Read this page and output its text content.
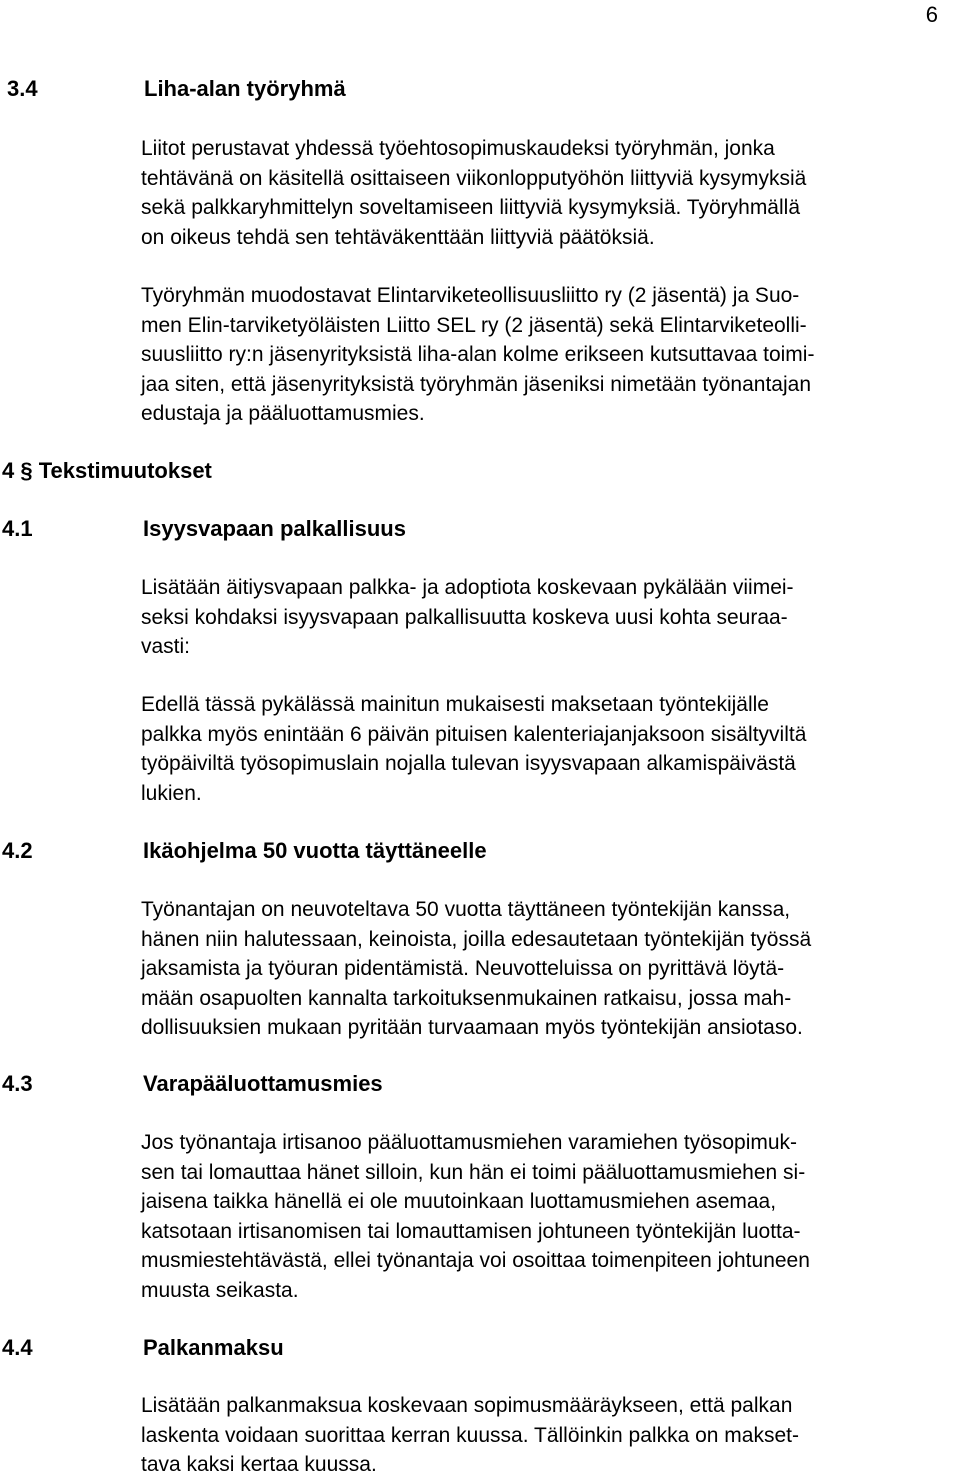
6
3.4	Liha-alan työryhmä

Liitot perustavat yhdessä työehtosopimuskaudeksi työryhmän, jonka
tehtävänä on käsitellä osittaiseen viikonlopputyöhön liittyviä kysymyksiä
sekä palkkaryhmittelyn soveltamiseen liittyviä kysymyksiä. Työryhmällä
on oikeus tehdä sen tehtäväkenttään liittyviä päätöksiä.

Työryhmän muodostavat Elintarviketeollisuusliitto ry (2 jäsentä) ja Suo-
men Elin-tarviketyöläisten Liitto SEL ry (2 jäsentä) sekä Elintarviketeolli-
suusliitto ry:n jäsenyrityksistä liha-alan kolme erikseen kutsuttavaa toimi-
jaa siten, että jäsenyrityksistä työryhmän jäseniksi nimetään työnantajan
edustaja ja pääluottamusmies.

4 § Tekstimuutokset
4.1	Isyysvapaan palkallisuus

Lisätään äitiysvapaan palkka- ja adoptiota koskevaan pykälään viimei-
seksi kohdaksi isyysvapaan palkallisuutta koskeva uusi kohta seuraa-
vasti:

Edellä tässä pykälässä mainitun mukaisesti maksetaan työntekijälle
palkka myös enintään 6 päivän pituisen kalenteriajanjaksoon sisältyviltä
työpäiviltä työsopimuslain nojalla tulevan isyysvapaan alkamispäivästä
lukien.

4.2	Ikäohjelma 50 vuotta täyttäneelle

Työnantajan on neuvoteltava 50 vuotta täyttäneen työntekijän kanssa,
hänen niin halutessaan, keinoista, joilla edesautetaan työntekijän työssä
jaksamista ja työuran pidentämistä. Neuvotteluissa on pyrittävä löytä-
mään osapuolten kannalta tarkoituksenmukainen ratkaisu, jossa mah-
dollisuuksien mukaan pyritään turvaamaan myös työntekijän ansiotaso.

4.3	Varapääluottamusmies

Jos työnantaja irtisanoo pääluottamusmiehen varamiehen työsopimuk-
sen tai lomauttaa hänet silloin, kun hän ei toimi pääluottamusmiehen si-
jaisena taikka hänellä ei ole muutoinkaan luottamusmiehen asemaa,
katsotaan irtisanomisen tai lomauttamisen johtuneen työntekijän luotta-
musmiestehtävästä, ellei työnantaja voi osoittaa toimenpiteen johtuneen
muusta seikasta.

4.4	Palkanmaksu

Lisätään palkanmaksua koskevaan sopimusmääräykseen, että palkan
laskenta voidaan suorittaa kerran kuussa. Tällöinkin palkka on makset-
tava kaksi kertaa kuussa.
